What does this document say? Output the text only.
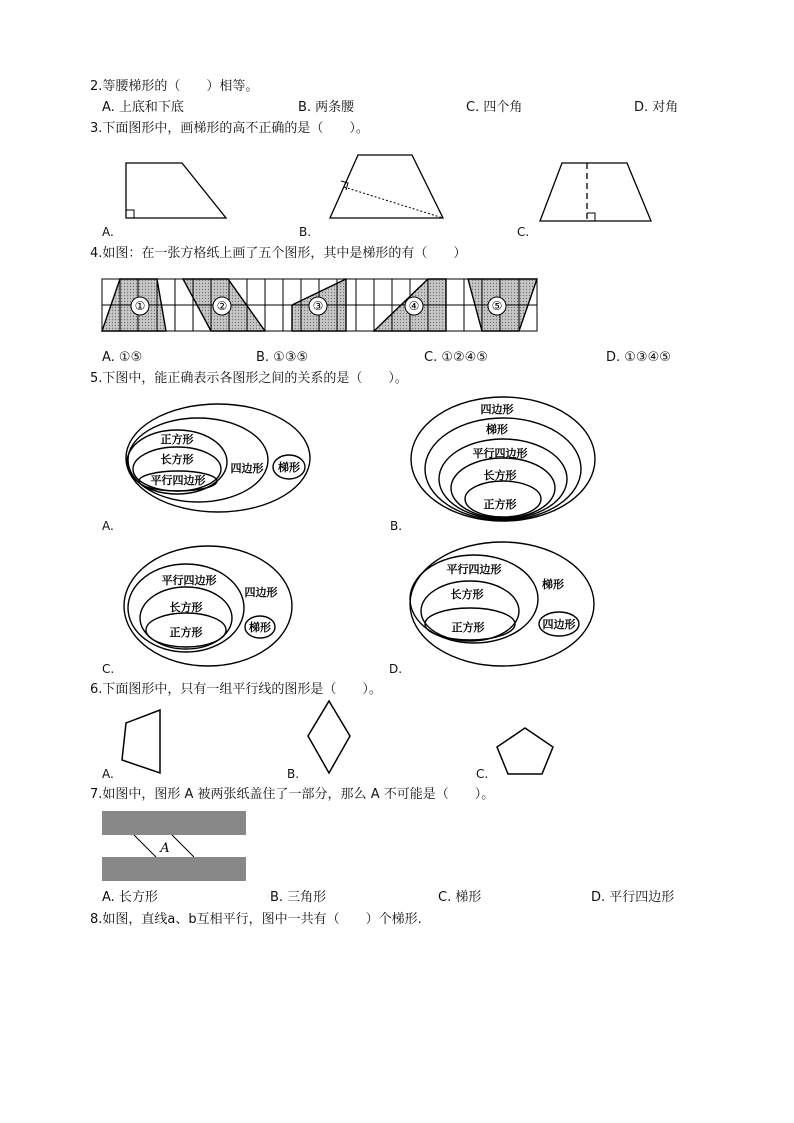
2.等腰梯形的（　　）相等。
A. 上底和下底	B. 两条腰	C. 四个角	D. 对角
3.下面图形中，画梯形的高不正确的是（　　）。
A.	B.	C.
4.如图：在一张方格纸上画了五个图形，其中是梯形的有（　　）
①	②	③	④	⑤
A. ①⑤	B. ①③⑤	C. ①②④⑤	D. ①③④⑤
5.下图中，能正确表示各图形之间的关系的是（　　）。
正方形
长方形
平行四边形
四边形 梯形
四边形
梯形
平行四边形
长方形
正方形
平行四边形
四边形
长方形
正方形	梯形
平行四边形
梯形
长方形
正方形	四边形
A.	B.
C.	D.
6.下面图形中，只有一组平行线的图形是（　　）。
A.	B.	C.
7.如图中，图形 A 被两张纸盖住了一部分，那么 A 不可能是（　　）。
A
A. 长方形	B. 三角形	C. 梯形	D. 平行四边形
8.如图，直线a、b互相平行，图中一共有（　　）个梯形.
